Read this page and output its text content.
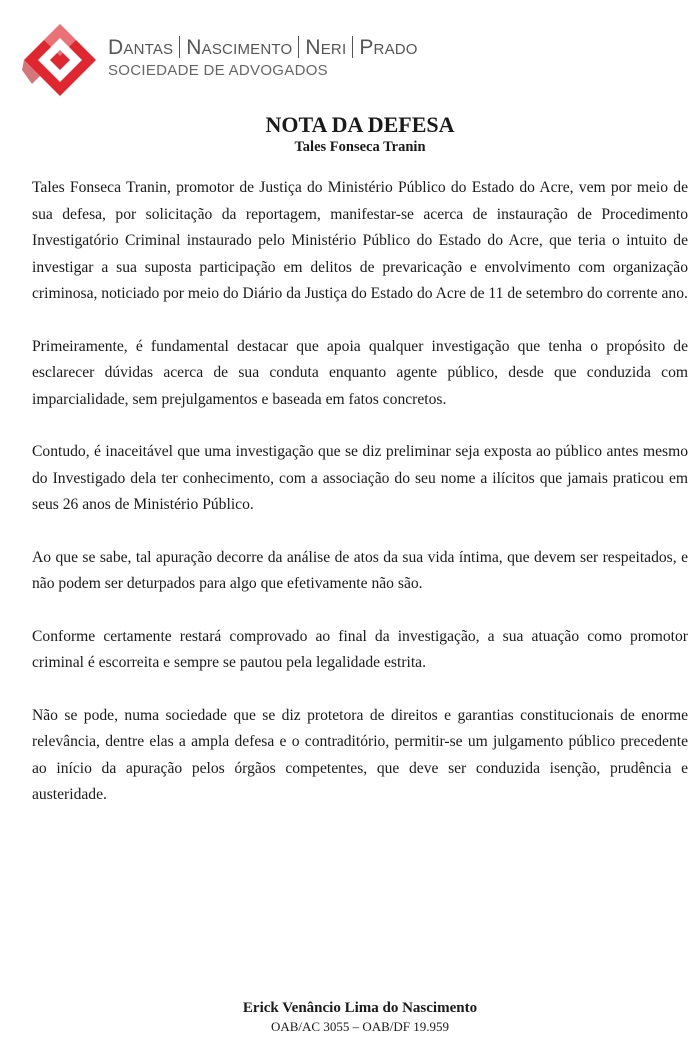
Dantas Nascimento Neri Prado
SOCIEDADE DE ADVOGADOS
NOTA DA DEFESA
Tales Fonseca Tranin

Tales Fonseca Tranin, promotor de Justiça do Ministério Público do Estado do Acre, vem por meio de sua defesa, por solicitação da reportagem, manifestar-se acerca de instauração de Procedimento Investigatório Criminal instaurado pelo Ministério Público do Estado do Acre, que teria o intuito de investigar a sua suposta participação em delitos de prevaricação e envolvimento com organização criminosa, noticiado por meio do Diário da Justiça do Estado do Acre de 11 de setembro do corrente ano.

Primeiramente, é fundamental destacar que apoia qualquer investigação que tenha o propósito de esclarecer dúvidas acerca de sua conduta enquanto agente público, desde que conduzida com imparcialidade, sem prejulgamentos e baseada em fatos concretos.

Contudo, é inaceitável que uma investigação que se diz preliminar seja exposta ao público antes mesmo do Investigado dela ter conhecimento, com a associação do seu nome a ilícitos que jamais praticou em seus 26 anos de Ministério Público.

Ao que se sabe, tal apuração decorre da análise de atos da sua vida íntima, que devem ser respeitados, e não podem ser deturpados para algo que efetivamente não são.

Conforme certamente restará comprovado ao final da investigação, a sua atuação como promotor criminal é escorreita e sempre se pautou pela legalidade estrita.

Não se pode, numa sociedade que se diz protetora de direitos e garantias constitucionais de enorme relevância, dentre elas a ampla defesa e o contraditório, permitir-se um julgamento público precedente ao início da apuração pelos órgãos competentes, que deve ser conduzida isenção, prudência e austeridade.

Erick Venâncio Lima do Nascimento
OAB/AC 3055 – OAB/DF 19.959
